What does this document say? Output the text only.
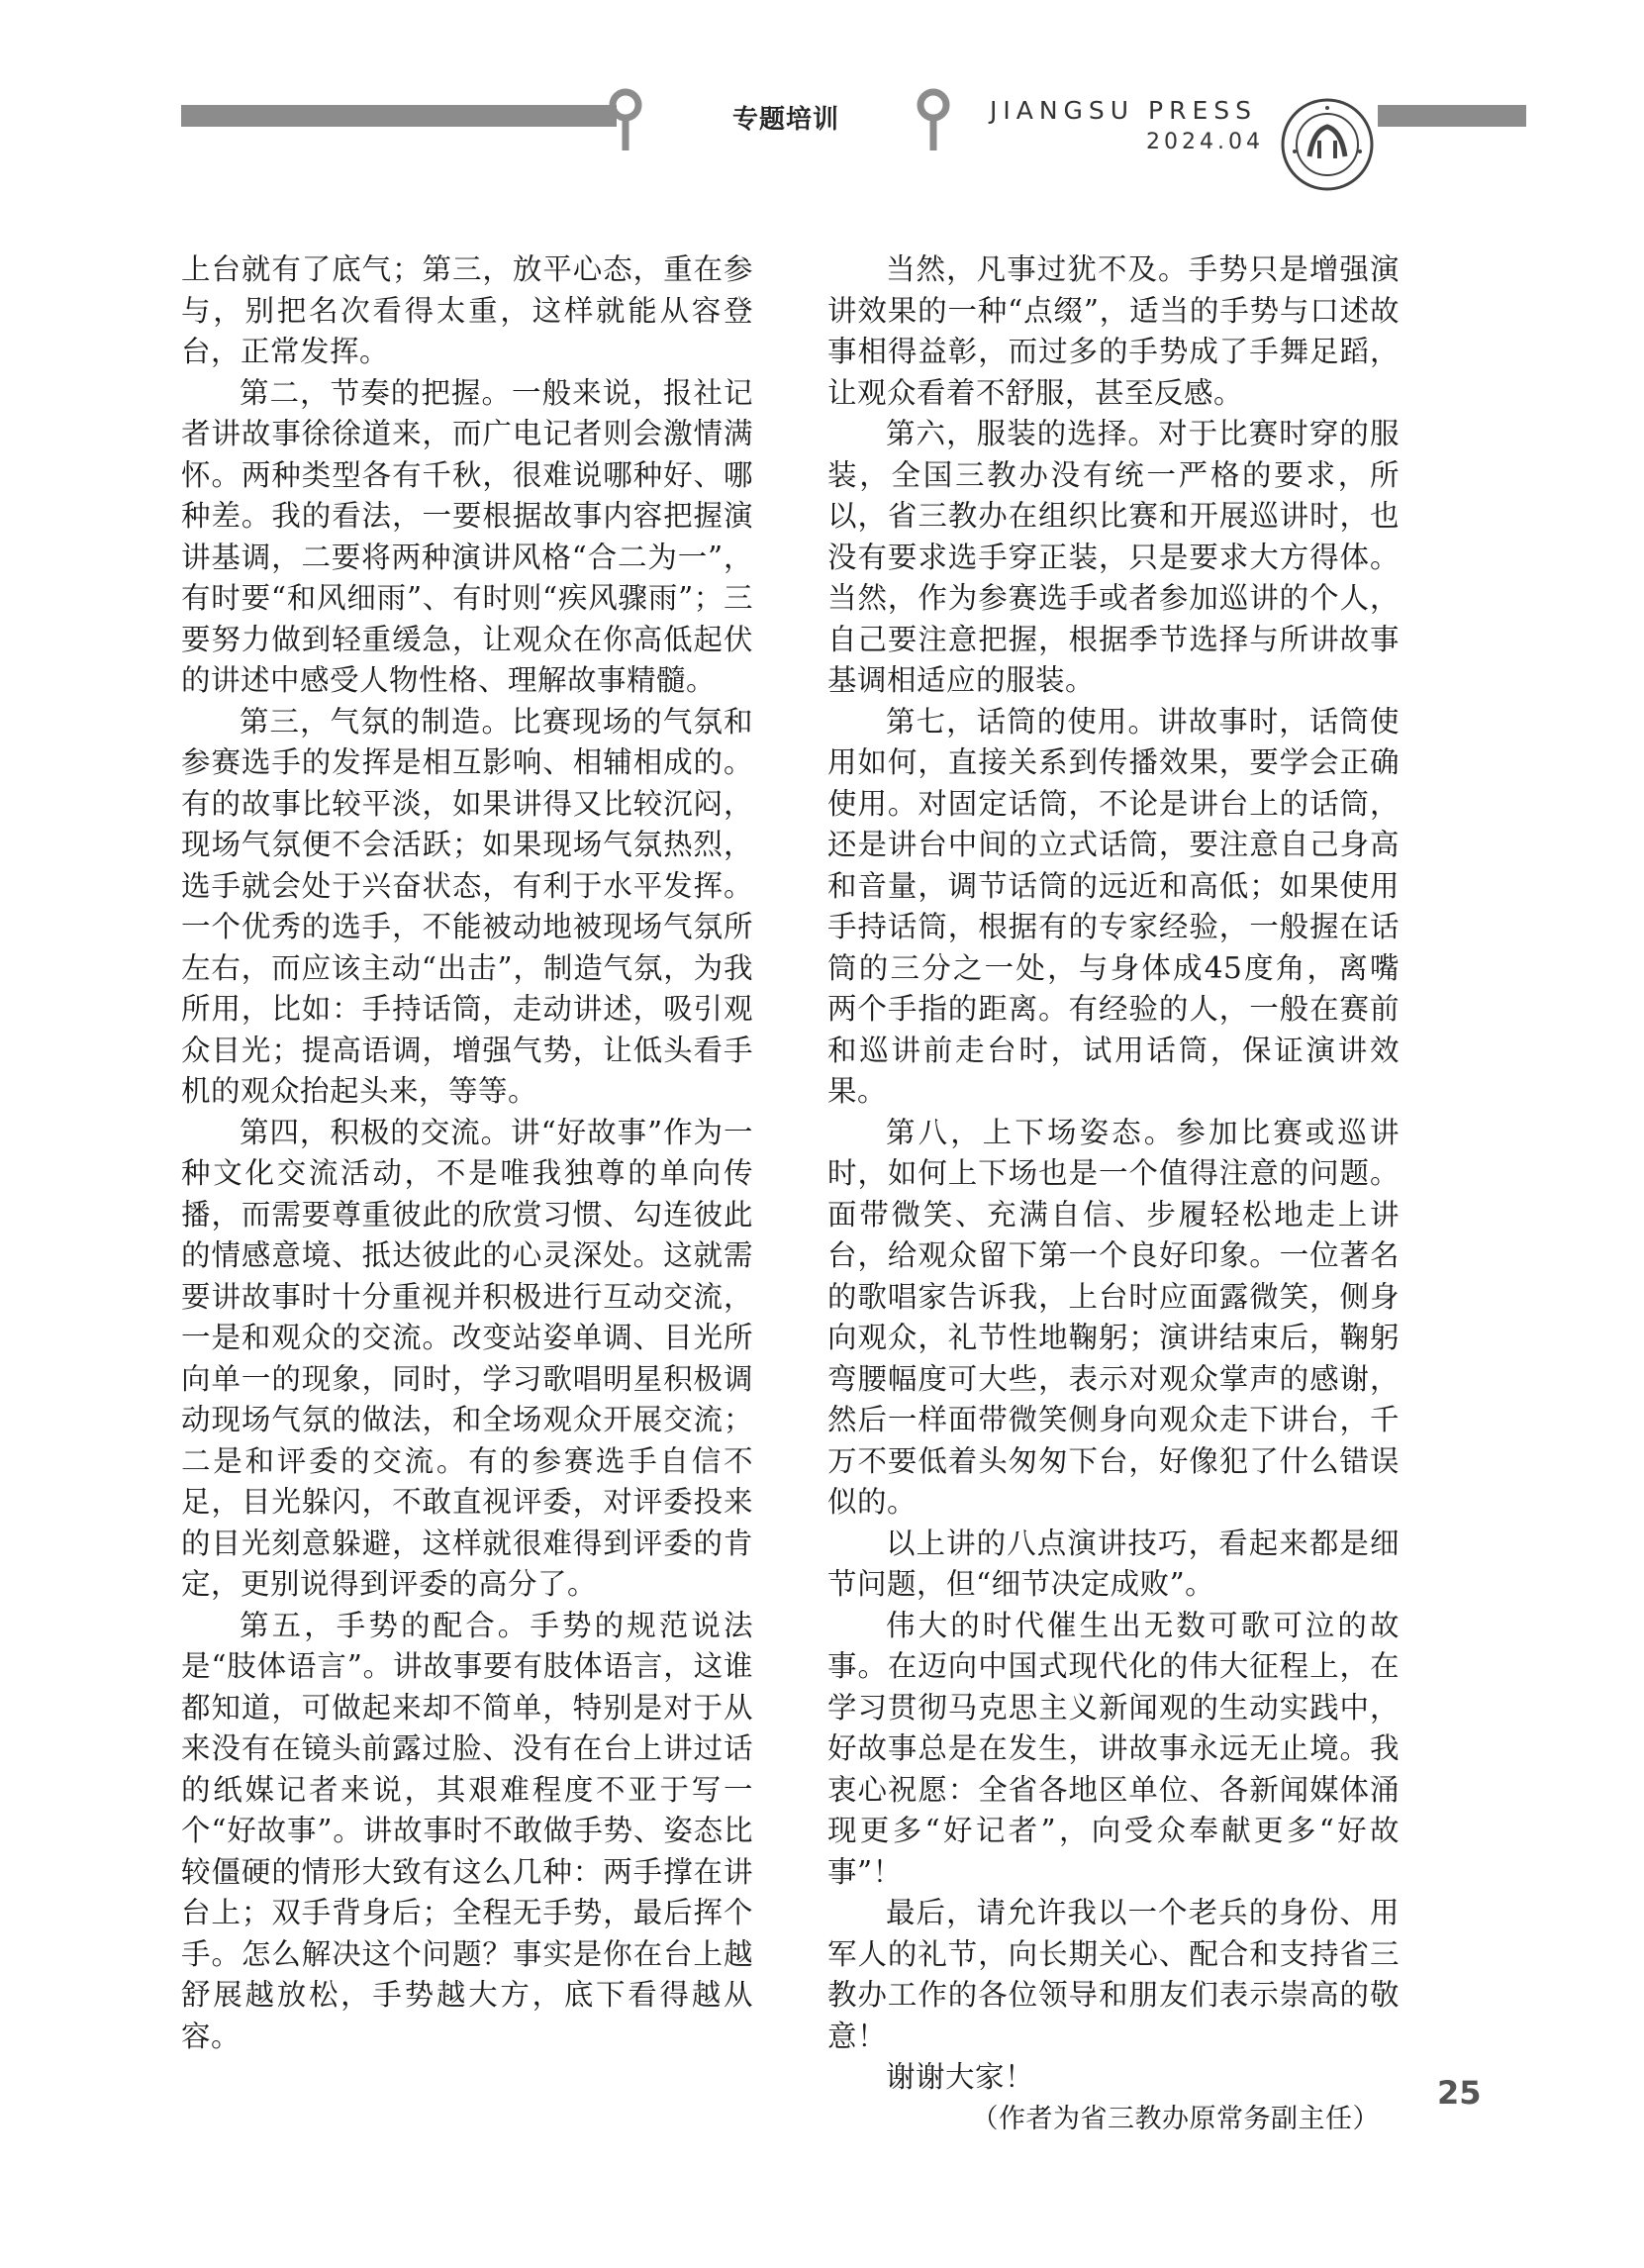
专题培训	JIANGSU PRESS
2024.04

上台就有了底气；第三，放平心态，重在参与，别把名次看得太重，这样就能从容登台，正常发挥。

第二，节奏的把握。一般来说，报社记者讲故事徐徐道来，而广电记者则会激情满怀。两种类型各有千秋，很难说哪种好、哪种差。我的看法，一要根据故事内容把握演讲基调，二要将两种演讲风格“合二为一”，有时要“和风细雨”、有时则“疾风骤雨”；三要努力做到轻重缓急，让观众在你高低起伏的讲述中感受人物性格、理解故事精髓。

第三，气氛的制造。比赛现场的气氛和参赛选手的发挥是相互影响、相辅相成的。有的故事比较平淡，如果讲得又比较沉闷，现场气氛便不会活跃；如果现场气氛热烈，选手就会处于兴奋状态，有利于水平发挥。一个优秀的选手，不能被动地被现场气氛所左右，而应该主动“出击”，制造气氛，为我所用，比如：手持话筒，走动讲述，吸引观众目光；提高语调，增强气势，让低头看手机的观众抬起头来，等等。

第四，积极的交流。讲“好故事”作为一种文化交流活动，不是唯我独尊的单向传播，而需要尊重彼此的欣赏习惯、勾连彼此的情感意境、抵达彼此的心灵深处。这就需要讲故事时十分重视并积极进行互动交流，一是和观众的交流。改变站姿单调、目光所向单一的现象，同时，学习歌唱明星积极调动现场气氛的做法，和全场观众开展交流；二是和评委的交流。有的参赛选手自信不足，目光躲闪，不敢直视评委，对评委投来的目光刻意躲避，这样就很难得到评委的肯定，更别说得到评委的高分了。

第五，手势的配合。手势的规范说法是“肢体语言”。讲故事要有肢体语言，这谁都知道，可做起来却不简单，特别是对于从来没有在镜头前露过脸、没有在台上讲过话的纸媒记者来说，其艰难程度不亚于写一个“好故事”。讲故事时不敢做手势、姿态比较僵硬的情形大致有这么几种：两手撑在讲台上；双手背身后；全程无手势，最后挥个手。怎么解决这个问题？事实是你在台上越舒展越放松，手势越大方，底下看得越从容。

当然，凡事过犹不及。手势只是增强演讲效果的一种“点缀”，适当的手势与口述故事相得益彰，而过多的手势成了手舞足蹈，让观众看着不舒服，甚至反感。

第六，服装的选择。对于比赛时穿的服装，全国三教办没有统一严格的要求，所以，省三教办在组织比赛和开展巡讲时，也没有要求选手穿正装，只是要求大方得体。当然，作为参赛选手或者参加巡讲的个人，自己要注意把握，根据季节选择与所讲故事基调相适应的服装。

第七，话筒的使用。讲故事时，话筒使用如何，直接关系到传播效果，要学会正确使用。对固定话筒，不论是讲台上的话筒，还是讲台中间的立式话筒，要注意自己身高和音量，调节话筒的远近和高低；如果使用手持话筒，根据有的专家经验，一般握在话筒的三分之一处，与身体成45度角，离嘴两个手指的距离。有经验的人，一般在赛前和巡讲前走台时，试用话筒，保证演讲效果。

第八，上下场姿态。参加比赛或巡讲时，如何上下场也是一个值得注意的问题。面带微笑、充满自信、步履轻松地走上讲台，给观众留下第一个良好印象。一位著名的歌唱家告诉我，上台时应面露微笑，侧身向观众，礼节性地鞠躬；演讲结束后，鞠躬弯腰幅度可大些，表示对观众掌声的感谢，然后一样面带微笑侧身向观众走下讲台，千万不要低着头匆匆下台，好像犯了什么错误似的。

以上讲的八点演讲技巧，看起来都是细节问题，但“细节决定成败”。

伟大的时代催生出无数可歌可泣的故事。在迈向中国式现代化的伟大征程上，在学习贯彻马克思主义新闻观的生动实践中，好故事总是在发生，讲故事永远无止境。我衷心祝愿：全省各地区单位、各新闻媒体涌现更多“好记者”，向受众奉献更多“好故事”！

最后，请允许我以一个老兵的身份、用军人的礼节，向长期关心、配合和支持省三教办工作的各位领导和朋友们表示崇高的敬意！

谢谢大家！

（作者为省三教办原常务副主任）

25
